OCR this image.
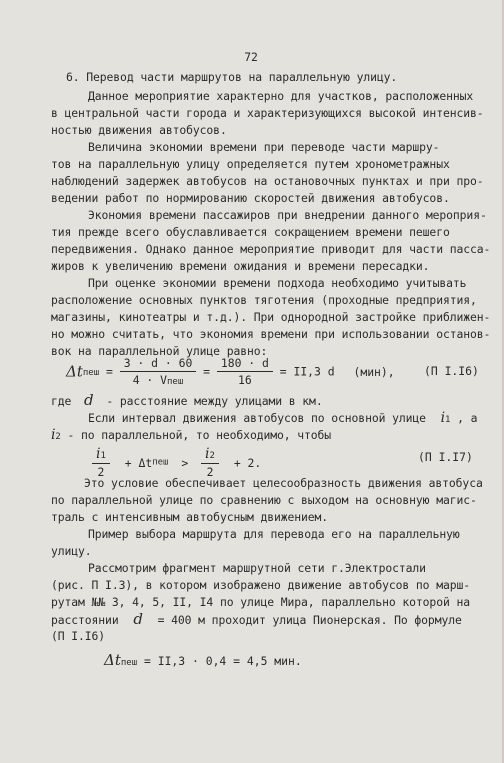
72
6. Перевод части маршрутов на параллельную улицу.
Данное мероприятие характерно для участков, расположенных
в центральной части города и характеризующихся высокой интенсив-
ностью движения автобусов.
Величина экономии времени при переводе части маршру-
тов на параллельную улицу определяется путем хронометражных
наблюдений задержек автобусов на остановочных пунктах и при про-
ведении работ по нормированию скоростей движения автобусов.
Экономия времени пассажиров при внедрении данного мероприя-
тия прежде всего обуславливается сокращением времени пешего
передвижения. Однако данное мероприятие приводит для части пасса-
жиров к увеличению времени ожидания и времени пересадки.
При оценке экономии времени подхода необходимо учитывать
расположение основных пунктов тяготения (проходные предприятия,
магазины, кинотеатры и т.д.). При однородной застройке приближен-
но можно считать, что экономия времени при использовании останов-
вок на параллельной улице равно:
Δtпеш = $\frac{3 \cdot d \cdot 60}{\text{4 · Vпеш}} = \frac{180 \cdot d}{16} = II,3$ d (мин),	(П I.I6)
где d - расстояние между улицами в км.
Если интервал движения автобусов по основной улице i1 , а
i2 - по параллельной, то необходимо, чтобы
$\frac{i1}{2}$ + Δtпеш > $\frac{i2}{2} + 2$.	(П I.I7)
Это условие обеспечивает целесообразность движения автобуса
по параллельной улице по сравнению с выходом на основную магис-
траль с интенсивным автобусным движением.
Пример выбора маршрута для перевода его на параллельную
улицу.
Рассмотрим фрагмент маршрутной сети г.Электростали
(рис. П I.3), в котором изображено движение автобусов по марш-
рутам №№ 3, 4, 5, II, I4 по улице Мира, параллельно которой на
расстоянии d = 400 м проходит улица Пионерская. По формуле
(П I.I6)
Δtпеш = II,3 · 0,4 = 4,5 мин.
